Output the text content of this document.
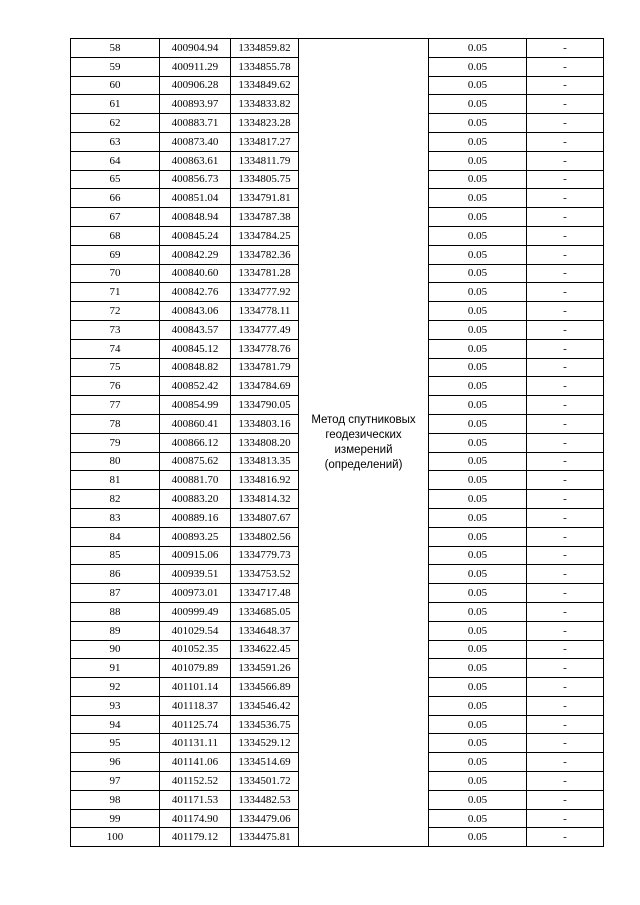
58	400904.94	1334859.82	Метод спутниковых геодезических измерений (определений)	0.05	-
59	400911.29	1334855.78		0.05	-
60	400906.28	1334849.62		0.05	-
61	400893.97	1334833.82		0.05	-
62	400883.71	1334823.28		0.05	-
63	400873.40	1334817.27		0.05	-
64	400863.61	1334811.79		0.05	-
65	400856.73	1334805.75		0.05	-
66	400851.04	1334791.81		0.05	-
67	400848.94	1334787.38		0.05	-
68	400845.24	1334784.25		0.05	-
69	400842.29	1334782.36		0.05	-
70	400840.60	1334781.28		0.05	-
71	400842.76	1334777.92		0.05	-
72	400843.06	1334778.11		0.05	-
73	400843.57	1334777.49		0.05	-
74	400845.12	1334778.76		0.05	-
75	400848.82	1334781.79		0.05	-
76	400852.42	1334784.69		0.05	-
77	400854.99	1334790.05		0.05	-
78	400860.41	1334803.16		0.05	-
79	400866.12	1334808.20		0.05	-
80	400875.62	1334813.35		0.05	-
81	400881.70	1334816.92		0.05	-
82	400883.20	1334814.32		0.05	-
83	400889.16	1334807.67		0.05	-
84	400893.25	1334802.56		0.05	-
85	400915.06	1334779.73		0.05	-
86	400939.51	1334753.52		0.05	-
87	400973.01	1334717.48		0.05	-
88	400999.49	1334685.05		0.05	-
89	401029.54	1334648.37		0.05	-
90	401052.35	1334622.45		0.05	-
91	401079.89	1334591.26		0.05	-
92	401101.14	1334566.89		0.05	-
93	401118.37	1334546.42		0.05	-
94	401125.74	1334536.75		0.05	-
95	401131.11	1334529.12		0.05	-
96	401141.06	1334514.69		0.05	-
97	401152.52	1334501.72		0.05	-
98	401171.53	1334482.53		0.05	-
99	401174.90	1334479.06		0.05	-
100	401179.12	1334475.81		0.05	-
